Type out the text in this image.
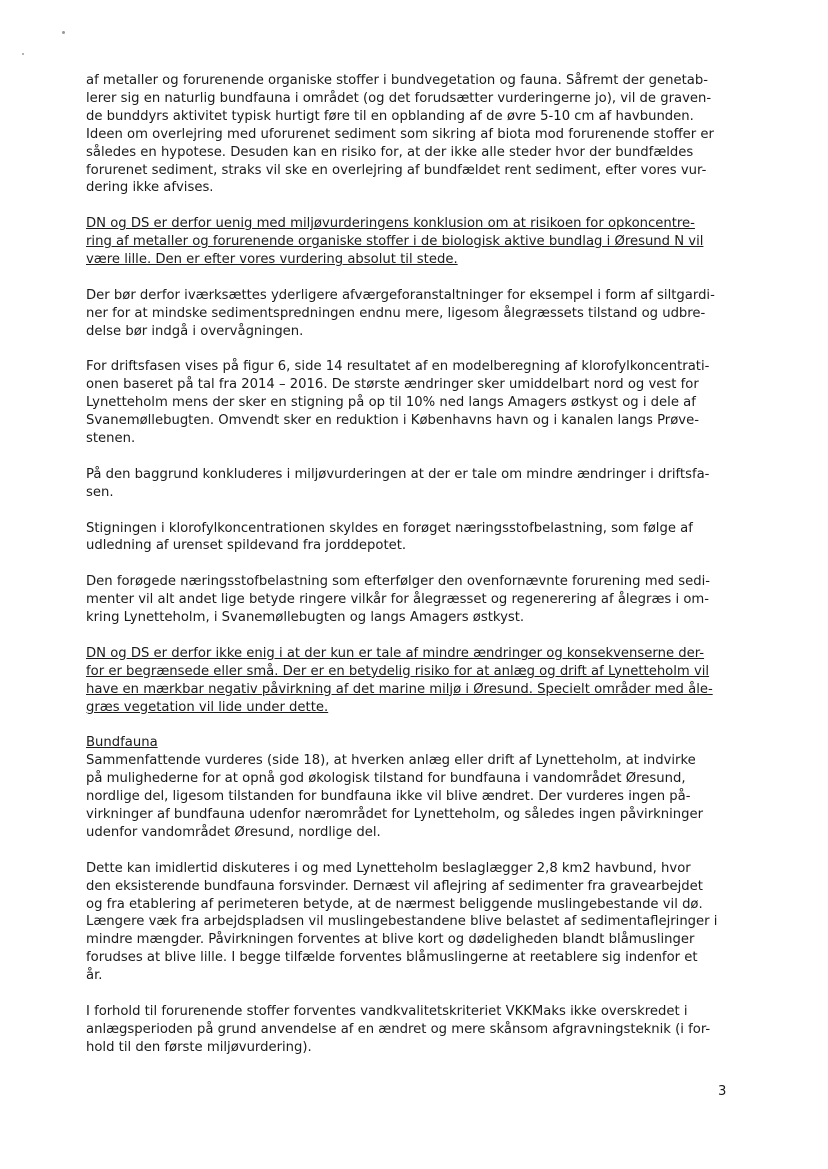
af metaller og forurenende organiske stoffer i bundvegetation og fauna. Såfremt der genetab-
lerer sig en naturlig bundfauna i området (og det forudsætter vurderingerne jo), vil de graven-
de bunddyrs aktivitet typisk hurtigt føre til en opblanding af de øvre 5-10 cm af havbunden.
Ideen om overlejring med uforurenet sediment som sikring af biota mod forurenende stoffer er
således en hypotese. Desuden kan en risiko for, at der ikke alle steder hvor der bundfældes
forurenet sediment, straks vil ske en overlejring af bundfældet rent sediment, efter vores vur-
dering ikke afvises.

DN og DS er derfor uenig med miljøvurderingens konklusion om at risikoen for opkoncentre-
ring af metaller og forurenende organiske stoffer i de biologisk aktive bundlag i Øresund N vil
være lille. Den er efter vores vurdering absolut til stede.

Der bør derfor iværksættes yderligere afværgeforanstaltninger for eksempel i form af siltgardi-
ner for at mindske sedimentspredningen endnu mere, ligesom ålegræssets tilstand og udbre-
delse bør indgå i overvågningen.

For driftsfasen vises på figur 6, side 14 resultatet af en modelberegning af klorofylkoncentrati-
onen baseret på tal fra 2014 – 2016. De største ændringer sker umiddelbart nord og vest for
Lynetteholm mens der sker en stigning på op til 10% ned langs Amagers østkyst og i dele af
Svanemøllebugten. Omvendt sker en reduktion i Københavns havn og i kanalen langs Prøve-
stenen.

På den baggrund konkluderes i miljøvurderingen at der er tale om mindre ændringer i driftsfa-
sen.

Stigningen i klorofylkoncentrationen skyldes en forøget næringsstofbelastning, som følge af
udledning af urenset spildevand fra jorddepotet.

Den forøgede næringsstofbelastning som efterfølger den ovenfornævnte forurening med sedi-
menter vil alt andet lige betyde ringere vilkår for ålegræsset og regenerering af ålegræs i om-
kring Lynetteholm, i Svanemøllebugten og langs Amagers østkyst.

DN og DS er derfor ikke enig i at der kun er tale af mindre ændringer og konsekvenserne der-
for er begrænsede eller små. Der er en betydelig risiko for at anlæg og drift af Lynetteholm vil
have en mærkbar negativ påvirkning af det marine miljø i Øresund. Specielt områder med åle-
græs vegetation vil lide under dette.

Bundfauna
Sammenfattende vurderes (side 18), at hverken anlæg eller drift af Lynetteholm, at indvirke
på mulighederne for at opnå god økologisk tilstand for bundfauna i vandområdet Øresund,
nordlige del, ligesom tilstanden for bundfauna ikke vil blive ændret. Der vurderes ingen på-
virkninger af bundfauna udenfor nærområdet for Lynetteholm, og således ingen påvirkninger
udenfor vandområdet Øresund, nordlige del.

Dette kan imidlertid diskuteres i og med Lynetteholm beslaglægger 2,8 km2 havbund, hvor
den eksisterende bundfauna forsvinder. Dernæst vil aflejring af sedimenter fra gravearbejdet
og fra etablering af perimeteren betyde, at de nærmest beliggende muslingebestande vil dø.
Længere væk fra arbejdspladsen vil muslingebestandene blive belastet af sedimentaflejringer i
mindre mængder. Påvirkningen forventes at blive kort og dødeligheden blandt blåmuslinger
forudses at blive lille. I begge tilfælde forventes blåmuslingerne at reetablere sig indenfor et
år.

I forhold til forurenende stoffer forventes vandkvalitetskriteriet VKKMaks ikke overskredet i
anlægsperioden på grund anvendelse af en ændret og mere skånsom afgravningsteknik (i for-
hold til den første miljøvurdering).

3
